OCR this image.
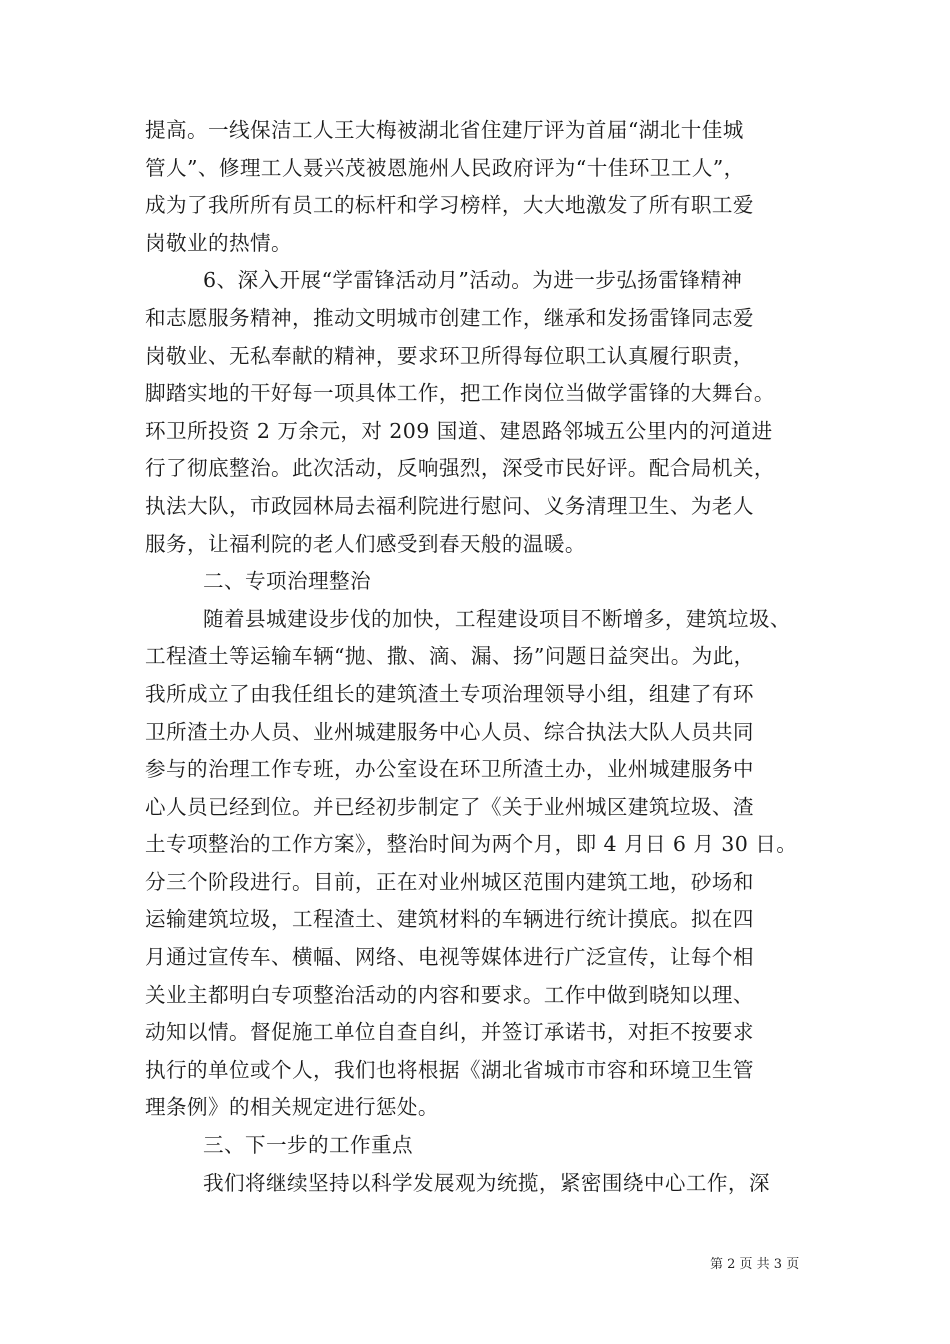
提高。一线保洁工人王大梅被湖北省住建厅评为首届“湖北十佳城
管人”、修理工人聂兴茂被恩施州人民政府评为“十佳环卫工人”，
成为了我所所有员工的标杆和学习榜样，大大地激发了所有职工爱
岗敬业的热情。
6、深入开展“学雷锋活动月”活动。为进一步弘扬雷锋精神
和志愿服务精神，推动文明城市创建工作，继承和发扬雷锋同志爱
岗敬业、无私奉献的精神，要求环卫所得每位职工认真履行职责，
脚踏实地的干好每一项具体工作，把工作岗位当做学雷锋的大舞台。
环卫所投资 2 万余元，对 209 国道、建恩路邻城五公里内的河道进
行了彻底整治。此次活动，反响强烈，深受市民好评。配合局机关，
执法大队，市政园林局去福利院进行慰问、义务清理卫生、为老人
服务，让福利院的老人们感受到春天般的温暖。
二、专项治理整治
随着县城建设步伐的加快，工程建设项目不断增多，建筑垃圾、
工程渣土等运输车辆“抛、撒、滴、漏、扬”问题日益突出。为此，
我所成立了由我任组长的建筑渣土专项治理领导小组，组建了有环
卫所渣土办人员、业州城建服务中心人员、综合执法大队人员共同
参与的治理工作专班，办公室设在环卫所渣土办，业州城建服务中
心人员已经到位。并已经初步制定了《关于业州城区建筑垃圾、渣
土专项整治的工作方案》，整治时间为两个月，即 4 月日 6 月 30 日。
分三个阶段进行。目前，正在对业州城区范围内建筑工地，砂场和
运输建筑垃圾，工程渣土、建筑材料的车辆进行统计摸底。拟在四
月通过宣传车、横幅、网络、电视等媒体进行广泛宣传，让每个相
关业主都明白专项整治活动的内容和要求。工作中做到晓知以理、
动知以情。督促施工单位自查自纠，并签订承诺书，对拒不按要求
执行的单位或个人，我们也将根据《湖北省城市市容和环境卫生管
理条例》的相关规定进行惩处。
三、下一步的工作重点
我们将继续坚持以科学发展观为统揽，紧密围绕中心工作，深
第 2 页 共 3 页
